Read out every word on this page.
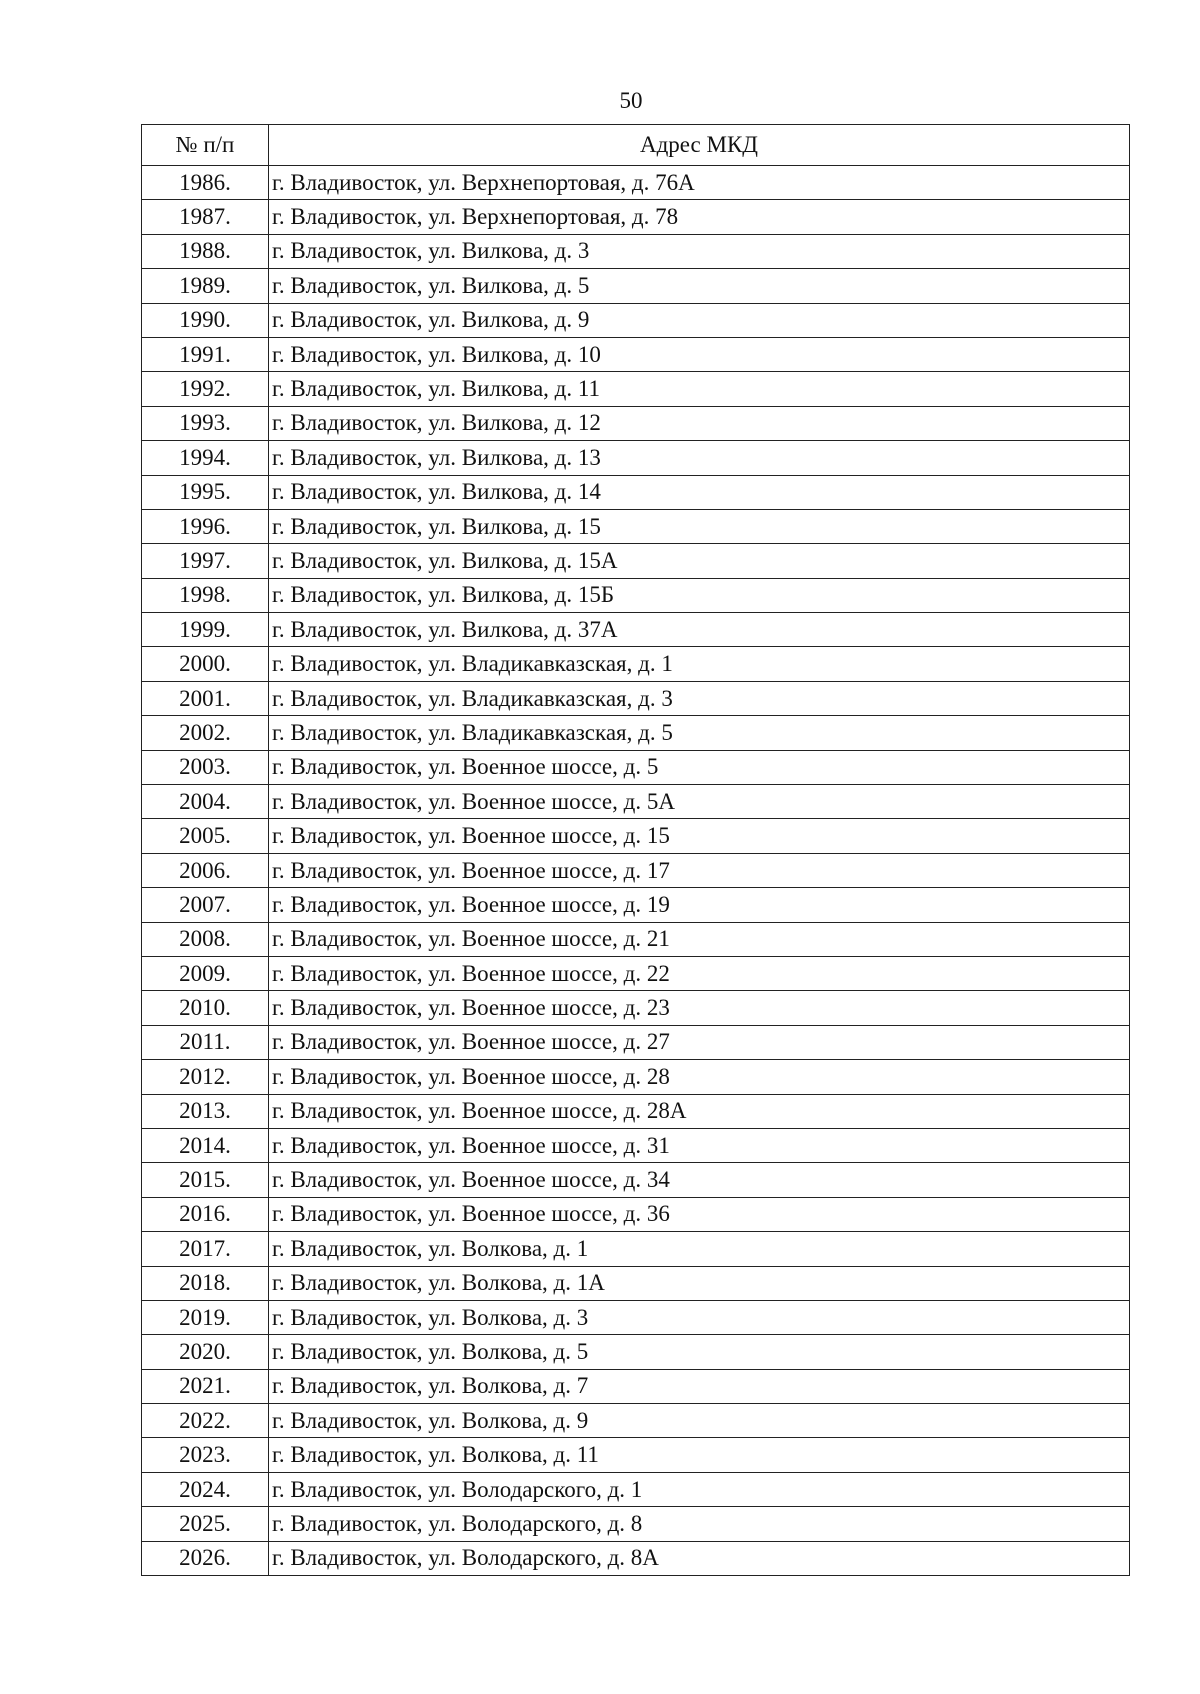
50
№ п/п	Адрес МКД
1986.	г. Владивосток, ул. Верхнепортовая, д. 76А
1987.	г. Владивосток, ул. Верхнепортовая, д. 78
1988.	г. Владивосток, ул. Вилкова, д. 3
1989.	г. Владивосток, ул. Вилкова, д. 5
1990.	г. Владивосток, ул. Вилкова, д. 9
1991.	г. Владивосток, ул. Вилкова, д. 10
1992.	г. Владивосток, ул. Вилкова, д. 11
1993.	г. Владивосток, ул. Вилкова, д. 12
1994.	г. Владивосток, ул. Вилкова, д. 13
1995.	г. Владивосток, ул. Вилкова, д. 14
1996.	г. Владивосток, ул. Вилкова, д. 15
1997.	г. Владивосток, ул. Вилкова, д. 15А
1998.	г. Владивосток, ул. Вилкова, д. 15Б
1999.	г. Владивосток, ул. Вилкова, д. 37А
2000.	г. Владивосток, ул. Владикавказская, д. 1
2001.	г. Владивосток, ул. Владикавказская, д. 3
2002.	г. Владивосток, ул. Владикавказская, д. 5
2003.	г. Владивосток, ул. Военное шоссе, д. 5
2004.	г. Владивосток, ул. Военное шоссе, д. 5А
2005.	г. Владивосток, ул. Военное шоссе, д. 15
2006.	г. Владивосток, ул. Военное шоссе, д. 17
2007.	г. Владивосток, ул. Военное шоссе, д. 19
2008.	г. Владивосток, ул. Военное шоссе, д. 21
2009.	г. Владивосток, ул. Военное шоссе, д. 22
2010.	г. Владивосток, ул. Военное шоссе, д. 23
2011.	г. Владивосток, ул. Военное шоссе, д. 27
2012.	г. Владивосток, ул. Военное шоссе, д. 28
2013.	г. Владивосток, ул. Военное шоссе, д. 28А
2014.	г. Владивосток, ул. Военное шоссе, д. 31
2015.	г. Владивосток, ул. Военное шоссе, д. 34
2016.	г. Владивосток, ул. Военное шоссе, д. 36
2017.	г. Владивосток, ул. Волкова, д. 1
2018.	г. Владивосток, ул. Волкова, д. 1А
2019.	г. Владивосток, ул. Волкова, д. 3
2020.	г. Владивосток, ул. Волкова, д. 5
2021.	г. Владивосток, ул. Волкова, д. 7
2022.	г. Владивосток, ул. Волкова, д. 9
2023.	г. Владивосток, ул. Волкова, д. 11
2024.	г. Владивосток, ул. Володарского, д. 1
2025.	г. Владивосток, ул. Володарского, д. 8
2026.	г. Владивосток, ул. Володарского, д. 8А
